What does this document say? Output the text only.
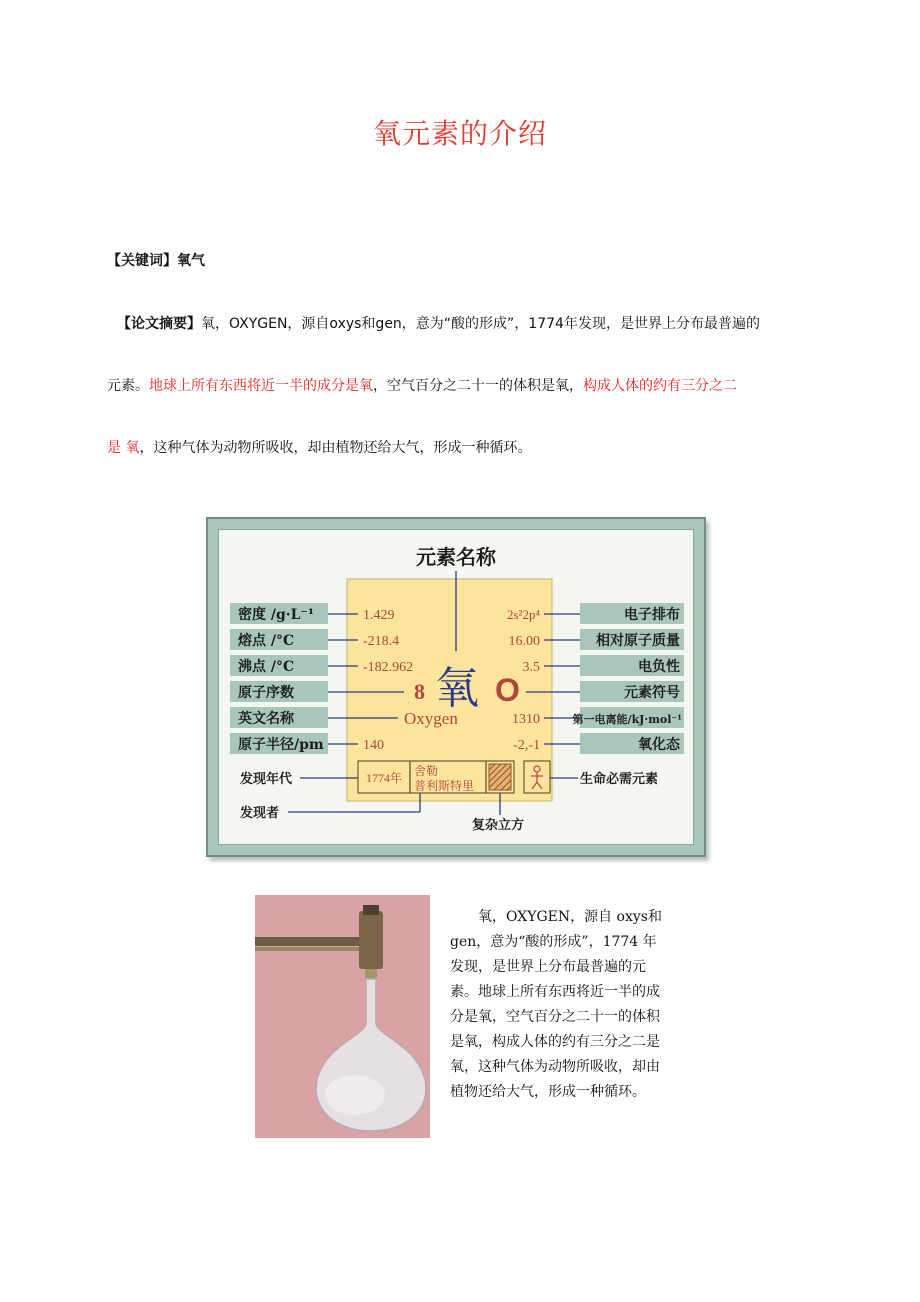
氧元素的介绍
【关键词】氧气
【论文摘要】氧，OXYGEN，源自oxys和gen，意为“酸的形成”，1774年发现，是世界上分布最普遍的
元素。地球上所有东西将近一半的成分是氧，空气百分之二十一的体积是氧，构成人体的约有三分之二
是 氧，这种气体为动物所吸收，却由植物还给大气，形成一种循环。
元素名称
密度 /g·L⁻¹
熔点 /°C
沸点 /°C
原子序数
英文名称
原子半径/pm
1.429
-218.4
-182.962
140
电子排布
相对原子质量
电负性
元素符号
第一电离能/kJ·mol⁻¹
氧化态
2s²2p⁴
16.00
3.5
1310
-2,-1
8 氧 O
Oxygen
1774年 舍勒
普利斯特里
发现年代
发现者
复杂立方
生命必需元素
氧，OXYGEN，源自 oxys和gen，意为“酸的形成”，1774 年发现，是世界上分布最普遍的元素。地球上所有东西将近一半的成分是氧，空气百分之二十一的体积是氧，构成人体的约有三分之二是氧，这种气体为动物所吸收，却由植物还给大气，形成一种循环。
